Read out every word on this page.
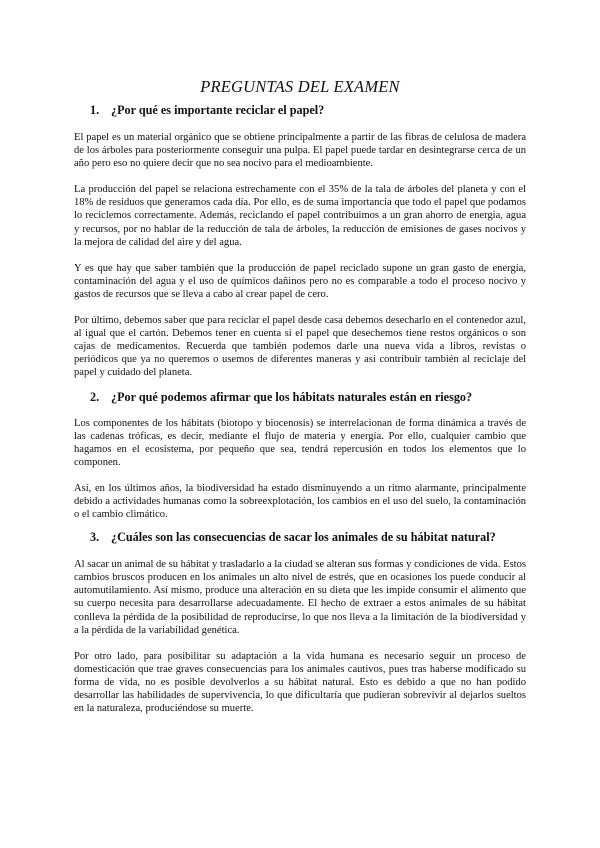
PREGUNTAS DEL EXAMEN
1. ¿Por qué es importante reciclar el papel?

El papel es un material orgánico que se obtiene principalmente a partir de las fibras de celulosa de madera de los árboles para posteriormente conseguir una pulpa. El papel puede tardar en desintegrarse cerca de un año pero eso no quiere decir que no sea nocivo para el medioambiente.

La producción del papel se relaciona estrechamente con el 35% de la tala de árboles del planeta y con el 18% de residuos que generamos cada día. Por ello, es de suma importancia que todo el papel que podamos lo reciclemos correctamente. Además, reciclando el papel contribuimos a un gran ahorro de energía, agua y recursos, por no hablar de la reducción de tala de árboles, la reducción de emisiones de gases nocivos y la mejora de calidad del aire y del agua.

Y es que hay que saber también que la producción de papel reciclado supone un gran gasto de energía, contaminación del agua y el uso de químicos dañinos pero no es comparable a todo el proceso nocivo y gastos de recursos que se lleva a cabo al crear papel de cero.

Por último, debemos saber que para reciclar el papel desde casa debemos desecharlo en el contenedor azul, al igual que el cartón. Debemos tener en cuenta si el papel que desechemos tiene restos orgánicos o son cajas de medicamentos. Recuerda que también podemos darle una nueva vida a libros, revistas o periódicos que ya no queremos o usemos de diferentes maneras y así contribuir también al reciclaje del papel y cuidado del planeta.

2. ¿Por qué podemos afirmar que los hábitats naturales están en riesgo?

Los componentes de los hábitats (biotopo y biocenosis) se interrelacionan de forma dinámica a través de las cadenas tróficas, es decir, mediante el flujo de materia y energía. Por ello, cualquier cambio que hagamos en el ecosistema, por pequeño que sea, tendrá repercusión en todos los elementos que lo componen.

Así, en los últimos años, la biodiversidad ha estado disminuyendo a un ritmo alarmante, principalmente debido a actividades humanas como la sobreexplotación, los cambios en el uso del suelo, la contaminación o el cambio climático.

3. ¿Cuáles son las consecuencias de sacar los animales de su hábitat natural?

Al sacar un animal de su hábitat y trasladarlo a la ciudad se alteran sus formas y condiciones de vida. Estos cambios bruscos producen en los animales un alto nivel de estrés, que en ocasiones los puede conducir al automutilamiento. Así mismo, produce una alteración en su dieta que les impide consumir el alimento que su cuerpo necesita para desarrollarse adecuadamente. El hecho de extraer a estos animales de su hábitat conlleva la pérdida de la posibilidad de reproducirse, lo que nos lleva a la limitación de la biodiversidad y a la pérdida de la variabilidad genética.

Por otro lado, para posibilitar su adaptación a la vida humana es necesario seguir un proceso de domesticación que trae graves consecuencias para los animales cautivos, pues tras haberse modificado su forma de vida, no es posible devolverlos a su hábitat natural. Esto es debido a que no han podido desarrollar las habilidades de supervivencia, lo que dificultaría que pudieran sobrevivir al dejarlos sueltos en la naturaleza, produciéndose su muerte.
